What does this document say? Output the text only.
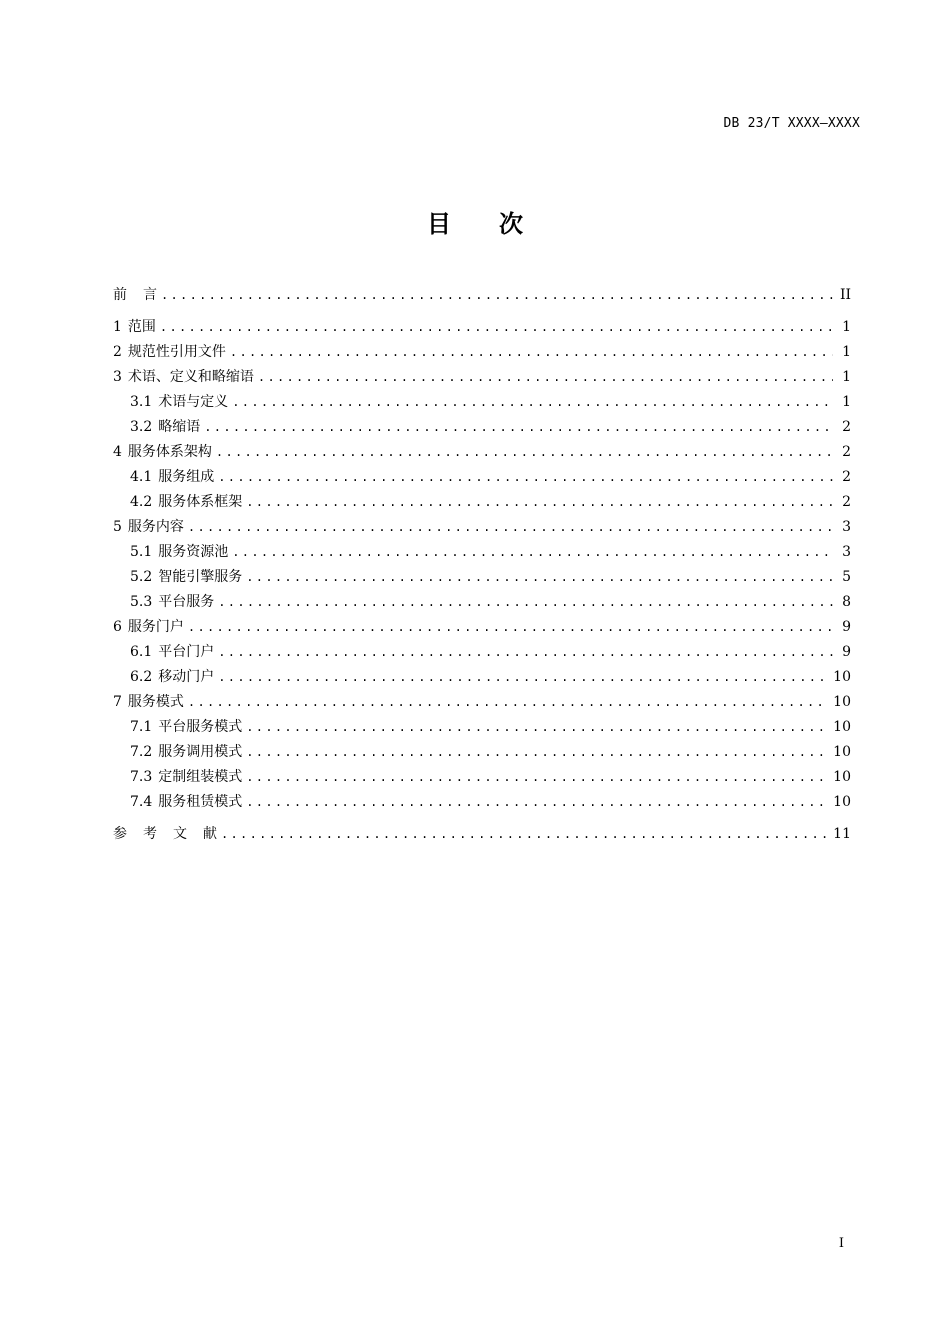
DB 23/T XXXX—XXXX
目 次
前言 .....	II
1 范围 .....	1
2 规范性引用文件 .....	1
3 术语、定义和略缩语 .....	1
3.1 术语与定义 .....	1
3.2 略缩语 .....	2
4 服务体系架构 .....	2
4.1 服务组成 .....	2
4.2 服务体系框架 .....	2
5 服务内容 .....	3
5.1 服务资源池 .....	3
5.2 智能引擎服务 .....	5
5.3 平台服务 .....	8
6 服务门户 .....	9
6.1 平台门户 .....	9
6.2 移动门户 .....	10
7 服务模式 .....	10
7.1 平台服务模式 .....	10
7.2 服务调用模式 .....	10
7.3 定制组装模式 .....	10
7.4 服务租赁模式 .....	10
参考文献 .....	11
I
